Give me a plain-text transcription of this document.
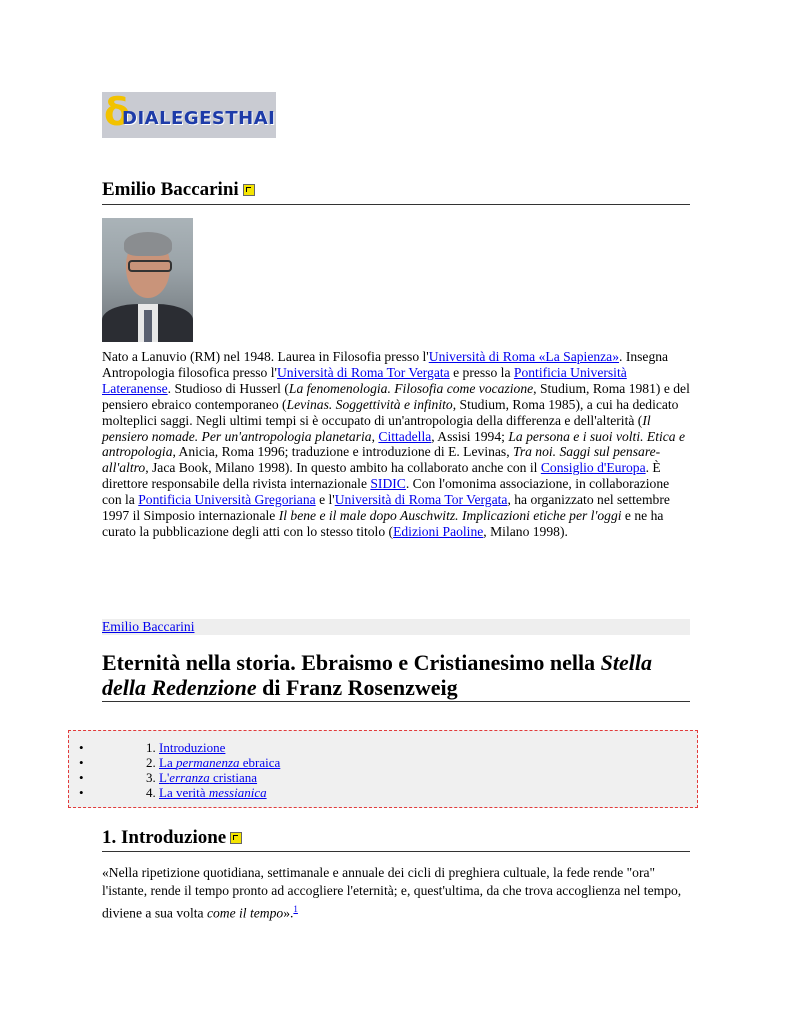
δ
DIALEGESTHAI
Emilio Baccarini

Nato a Lanuvio (RM) nel 1948. Laurea in Filosofia presso l'Università di Roma «La Sapienza». Insegna Antropologia filosofica presso l'Università di Roma Tor Vergata e presso la Pontificia Università Lateranense. Studioso di Husserl (La fenomenologia. Filosofia come vocazione, Studium, Roma 1981) e del pensiero ebraico contemporaneo (Levinas. Soggettività e infinito, Studium, Roma 1985), a cui ha dedicato molteplici saggi. Negli ultimi tempi si è occupato di un'antropologia della differenza e dell'alterità (Il pensiero nomade. Per un'antropologia planetaria, Cittadella, Assisi 1994; La persona e i suoi volti. Etica e antropologia, Anicia, Roma 1996; traduzione e introduzione di E. Levinas, Tra noi. Saggi sul pensare-all'altro, Jaca Book, Milano 1998). In questo ambito ha collaborato anche con il Consiglio d'Europa. È direttore responsabile della rivista internazionale SIDIC. Con l'omonima associazione, in collaborazione con la Pontificia Università Gregoriana e l'Università di Roma Tor Vergata, ha organizzato nel settembre 1997 il Simposio internazionale Il bene e il male dopo Auschwitz. Implicazioni etiche per l'oggi e ne ha curato la pubblicazione degli atti con lo stesso titolo (Edizioni Paoline, Milano 1998).

Emilio Baccarini
Eternità nella storia. Ebraismo e Cristianesimo nella Stella della Redenzione di Franz Rosenzweig
•	1. Introduzione
•	2. La permanenza ebraica
•	3. L'erranza cristiana
•	4. La verità messianica
1. Introduzione

«Nella ripetizione quotidiana, settimanale e annuale dei cicli di preghiera cultuale, la fede rende "ora" l'istante, rende il tempo pronto ad accogliere l'eternità; e, quest'ultima, da che trova accoglienza nel tempo, diviene a sua volta come il tempo».$^1$
